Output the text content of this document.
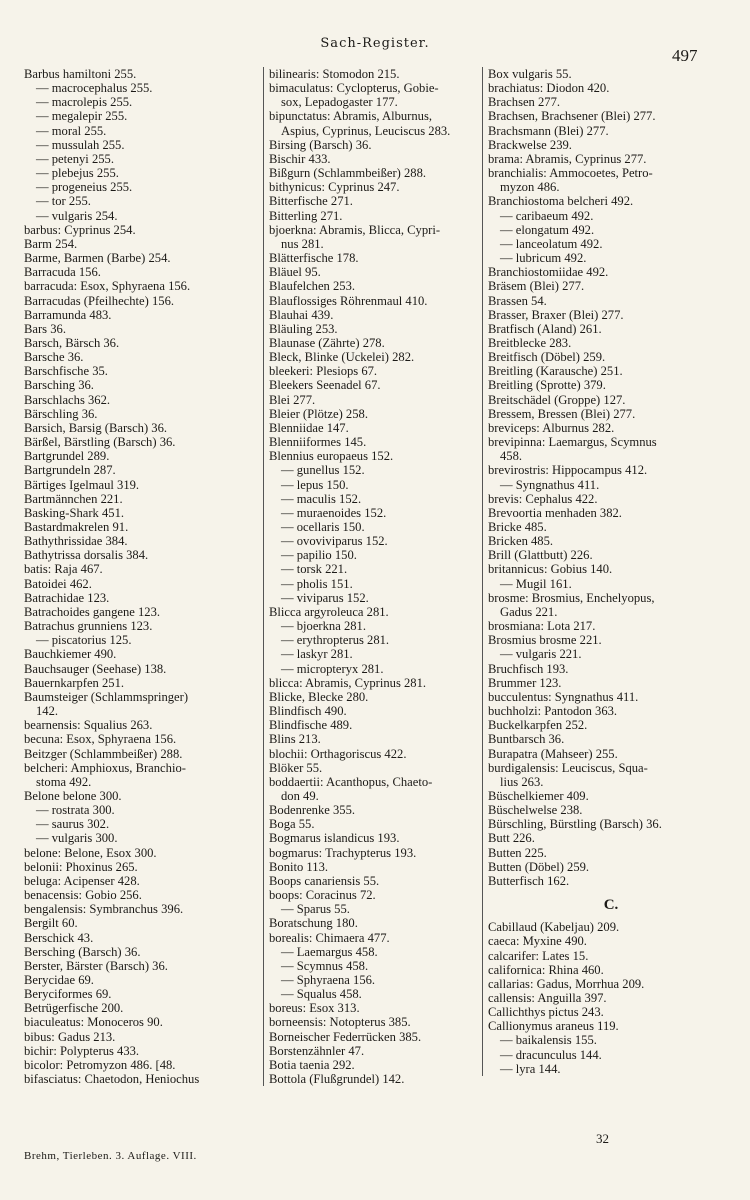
Sach-Register.
497
Barbus hamiltoni 255.
— macrocephalus 255.
— macrolepis 255.
— megalepir 255.
— moral 255.
— mussulah 255.
— petenyi 255.
— plebejus 255.
— progeneius 255.
— tor 255.
— vulgaris 254.
barbus: Cyprinus 254.
Barm 254.
Barme, Barmen (Barbe) 254.
Barracuda 156.
barracuda: Esox, Sphyraena 156.
Barracudas (Pfeilhechte) 156.
Barramunda 483.
Bars 36.
Barsch, Bärsch 36.
Barsche 36.
Barschfische 35.
Barsching 36.
Barschlachs 362.
Bärschling 36.
Barsich, Barsig (Barsch) 36.
Bärßel, Bärstling (Barsch) 36.
Bartgrundel 289.
Bartgrundeln 287.
Bärtiges Igelmaul 319.
Bartmännchen 221.
Basking-Shark 451.
Bastardmakrelen 91.
Bathythrissidae 384.
Bathytrissa dorsalis 384.
batis: Raja 467.
Batoidei 462.
Batrachidae 123.
Batrachoides gangene 123.
Batrachus grunniens 123.
— piscatorius 125.
Bauchkiemer 490.
Bauchsauger (Seehase) 138.
Bauernkarpfen 251.
Baumsteiger (Schlammspringer)
142.
bearnensis: Squalius 263.
becuna: Esox, Sphyraena 156.
Beitzger (Schlammbeißer) 288.
belcheri: Amphioxus, Branchio-
stoma 492.
Belone belone 300.
— rostrata 300.
— saurus 302.
— vulgaris 300.
belone: Belone, Esox 300.
belonii: Phoxinus 265.
beluga: Acipenser 428.
benacensis: Gobio 256.
bengalensis: Symbranchus 396.
Bergilt 60.
Berschick 43.
Bersching (Barsch) 36.
Berster, Bärster (Barsch) 36.
Berycidae 69.
Beryciformes 69.
Betrügerfische 200.
biaculeatus: Monoceros 90.
bibus: Gadus 213.
bichir: Polypterus 433.
bicolor: Petromyzon 486. [48.
bifasciatus: Chaetodon, Heniochus
bilinearis: Stomodon 215.
bimaculatus: Cyclopterus, Gobie-
sox, Lepadogaster 177.
bipunctatus: Abramis, Alburnus,
Aspius, Cyprinus, Leuciscus 283.
Birsing (Barsch) 36.
Bischir 433.
Bißgurn (Schlammbeißer) 288.
bithynicus: Cyprinus 247.
Bitterfische 271.
Bitterling 271.
bjoerkna: Abramis, Blicca, Cypri-
nus 281.
Blätterfische 178.
Bläuel 95.
Blaufelchen 253.
Blauflossiges Röhrenmaul 410.
Blauhai 439.
Bläuling 253.
Blaunase (Zährte) 278.
Bleck, Blinke (Uckelei) 282.
bleekeri: Plesiops 67.
Bleekers Seenadel 67.
Blei 277.
Bleier (Plötze) 258.
Blenniidae 147.
Blenniiformes 145.
Blennius europaeus 152.
— gunellus 152.
— lepus 150.
— maculis 152.
— muraenoides 152.
— ocellaris 150.
— ovoviviparus 152.
— papilio 150.
— torsk 221.
— pholis 151.
— viviparus 152.
Blicca argyroleuca 281.
— bjoerkna 281.
— erythropterus 281.
— laskyr 281.
— micropteryx 281.
blicca: Abramis, Cyprinus 281.
Blicke, Blecke 280.
Blindfisch 490.
Blindfische 489.
Blins 213.
blochii: Orthagoriscus 422.
Blöker 55.
boddaertii: Acanthopus, Chaeto-
don 49.
Bodenrenke 355.
Boga 55.
Bogmarus islandicus 193.
bogmarus: Trachypterus 193.
Bonito 113.
Boops canariensis 55.
boops: Coracinus 72.
— Sparus 55.
Boratschung 180.
borealis: Chimaera 477.
— Laemargus 458.
— Scymnus 458.
— Sphyraena 156.
— Squalus 458.
boreus: Esox 313.
borneensis: Notopterus 385.
Borneischer Federrücken 385.
Borstenzähnler 47.
Botia taenia 292.
Bottola (Flußgrundel) 142.
Box vulgaris 55.
brachiatus: Diodon 420.
Brachsen 277.
Brachsen, Brachsener (Blei) 277.
Brachsmann (Blei) 277.
Brackwelse 239.
brama: Abramis, Cyprinus 277.
branchialis: Ammocoetes, Petro-
myzon 486.
Branchiostoma belcheri 492.
— caribaeum 492.
— elongatum 492.
— lanceolatum 492.
— lubricum 492.
Branchiostomiidae 492.
Bräsem (Blei) 277.
Brassen 54.
Brasser, Braxer (Blei) 277.
Bratfisch (Aland) 261.
Breitblecke 283.
Breitfisch (Döbel) 259.
Breitling (Karausche) 251.
Breitling (Sprotte) 379.
Breitschädel (Groppe) 127.
Bressem, Bressen (Blei) 277.
breviceps: Alburnus 282.
brevipinna: Laemargus, Scymnus
458.
brevirostris: Hippocampus 412.
— Syngnathus 411.
brevis: Cephalus 422.
Brevoortia menhaden 382.
Bricke 485.
Bricken 485.
Brill (Glattbutt) 226.
britannicus: Gobius 140.
— Mugil 161.
brosme: Brosmius, Enchelyopus,
Gadus 221.
brosmiana: Lota 217.
Brosmius brosme 221.
— vulgaris 221.
Bruchfisch 193.
Brummer 123.
bucculentus: Syngnathus 411.
buchholzi: Pantodon 363.
Buckelkarpfen 252.
Buntbarsch 36.
Burapatra (Mahseer) 255.
burdigalensis: Leuciscus, Squa-
lius 263.
Büschelkiemer 409.
Büschelwelse 238.
Bürschling, Bürstling (Barsch) 36.
Butt 226.
Butten 225.
Butten (Döbel) 259.
Butterfisch 162.
C.
Cabillaud (Kabeljau) 209.
caeca: Myxine 490.
calcarifer: Lates 15.
californica: Rhina 460.
callarias: Gadus, Morrhua 209.
callensis: Anguilla 397.
Callichthys pictus 243.
Callionymus araneus 119.
— baikalensis 155.
— dracunculus 144.
— lyra 144.
Brehm, Tierleben. 3. Auflage. VIII.
32
